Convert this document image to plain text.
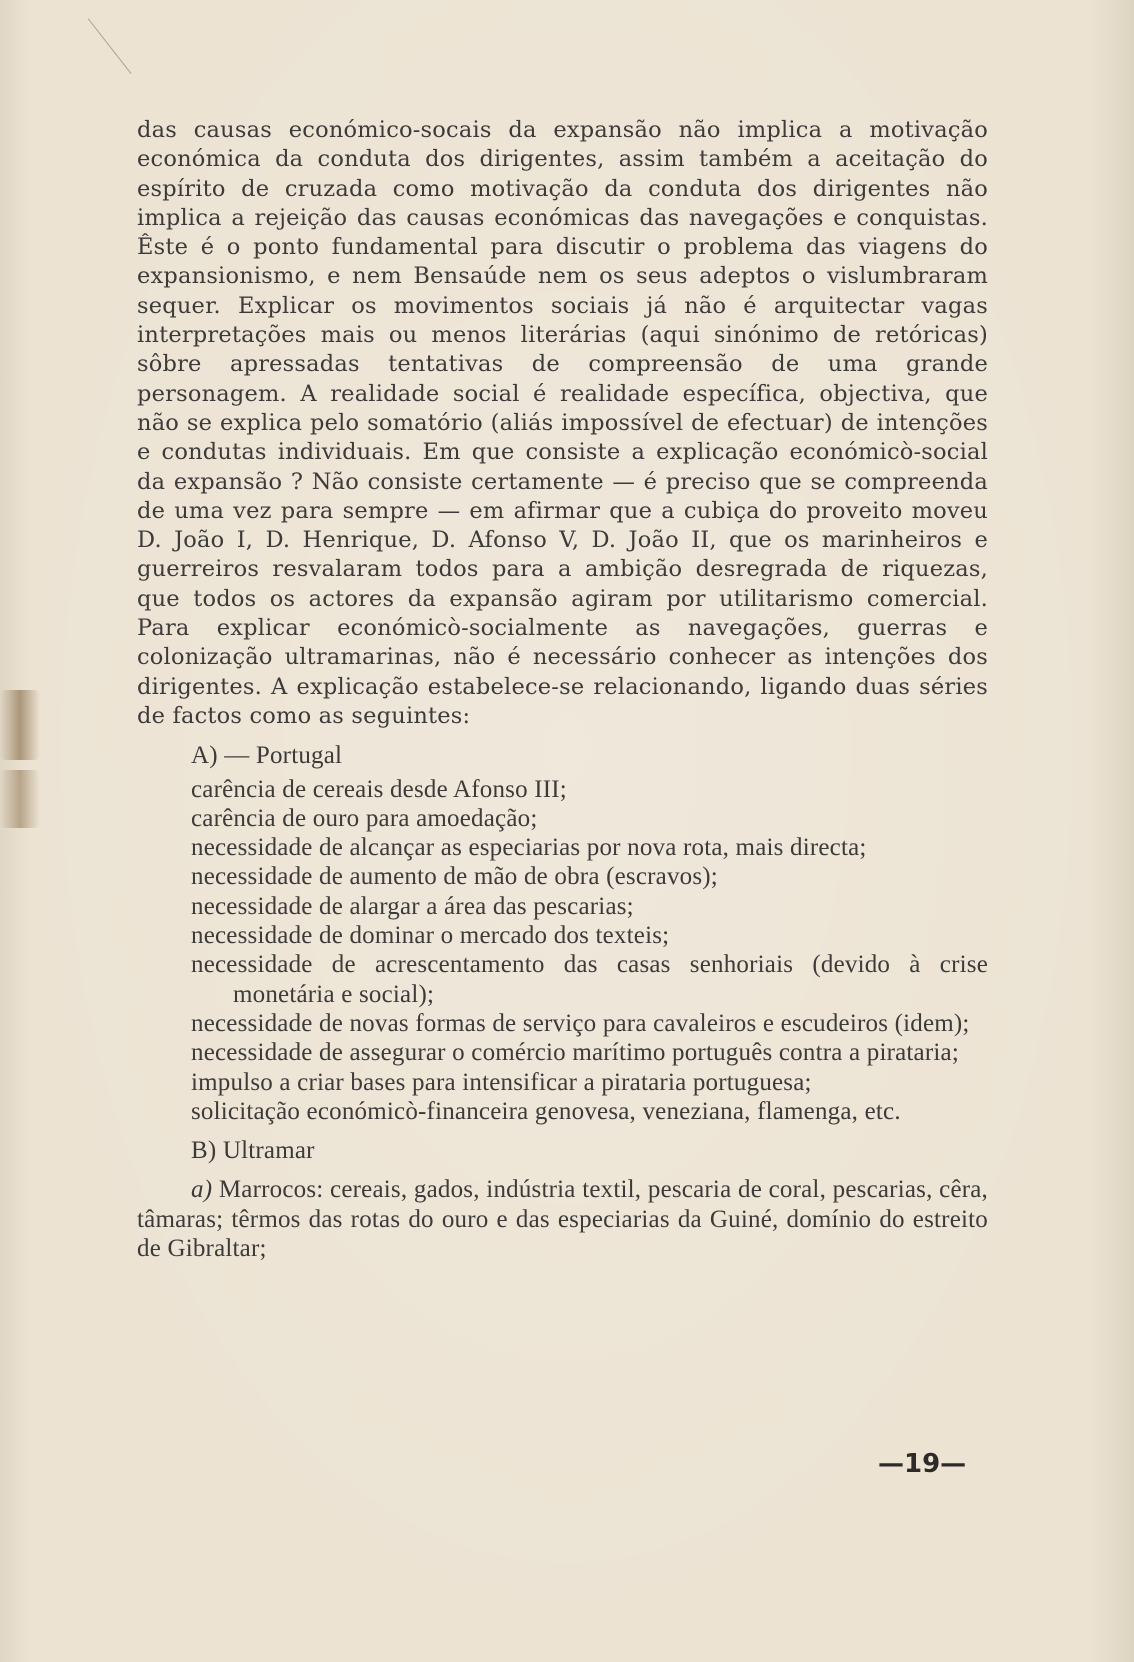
das causas económico-socais da expansão não implica a motivação económica da conduta dos dirigentes, assim também a aceitação do espírito de cruzada como motivação da conduta dos dirigentes não implica a rejeição das causas económicas das navegações e conquistas. Êste é o ponto fundamental para discutir o problema das viagens do expansionismo, e nem Bensaúde nem os seus adeptos o vislumbraram sequer. Explicar os movimentos sociais já não é arquitectar vagas interpretações mais ou menos literárias (aqui sinónimo de retóricas) sôbre apressadas tentativas de compreensão de uma grande personagem. A realidade social é realidade específica, objectiva, que não se explica pelo somatório (aliás impossível de efectuar) de intenções e condutas individuais. Em que consiste a explicação económicò-social da expansão ? Não consiste certamente — é preciso que se compreenda de uma vez para sempre — em afirmar que a cubiça do proveito moveu D. João I, D. Henrique, D. Afonso V, D. João II, que os marinheiros e guerreiros resvalaram todos para a ambição desregrada de riquezas, que todos os actores da expansão agiram por utilitarismo comercial. Para explicar económicò-socialmente as navegações, guerras e colonização ultramarinas, não é necessário conhecer as intenções dos dirigentes. A explicação estabelece-se relacionando, ligando duas séries de factos como as seguintes:

A) — Portugal
carência de cereais desde Afonso III;
carência de ouro para amoedação;
necessidade de alcançar as especiarias por nova rota, mais directa;
necessidade de aumento de mão de obra (escravos);
necessidade de alargar a área das pescarias;
necessidade de dominar o mercado dos texteis;
necessidade de acrescentamento das casas senhoriais (devido à crise monetária e social);
necessidade de novas formas de serviço para cavaleiros e escudeiros (idem);
necessidade de assegurar o comércio marítimo português contra a pirataria;
impulso a criar bases para intensificar a pirataria portuguesa;
solicitação económicò-financeira genovesa, veneziana, flamenga, etc.
B) Ultramar

a) Marrocos: cereais, gados, indústria textil, pescaria de coral, pescarias, cêra, tâmaras; têrmos das rotas do ouro e das especiarias da Guiné, domínio do estreito de Gibraltar;

—19—
